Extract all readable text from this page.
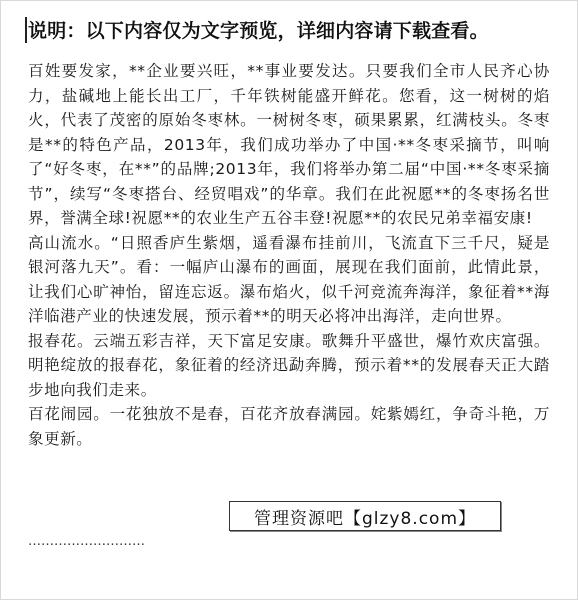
说明：以下内容仅为文字预览，详细内容请下载查看。

百姓要发家，**企业要兴旺，**事业要发达。只要我们全市人民齐心协力，盐碱地上能长出工厂，千年铁树能盛开鲜花。您看，这一树树的焰火，代表了茂密的原始冬枣林。一树树冬枣，硕果累累，红满枝头。冬枣是**的特色产品，2013年，我们成功举办了中国·**冬枣采摘节，叫响了“好冬枣，在**”的品牌;2013年，我们将举办第二届“中国·**冬枣采摘节”，续写“冬枣搭台、经贸唱戏”的华章。我们在此祝愿**的冬枣扬名世界，誉满全球!祝愿**的农业生产五谷丰登!祝愿**的农民兄弟幸福安康!

高山流水。“日照香庐生紫烟，遥看瀑布挂前川，飞流直下三千尺，疑是银河落九天”。看：一幅庐山瀑布的画面，展现在我们面前，此情此景，让我们心旷神怡，留连忘返。瀑布焰火，似千河竞流奔海洋，象征着**海洋临港产业的快速发展，预示着**的明天必将冲出海洋，走向世界。

报春花。云端五彩吉祥，天下富足安康。歌舞升平盛世，爆竹欢庆富强。明艳绽放的报春花，象征着的经济迅勐奔腾，预示着**的发展春天正大踏步地向我们走来。

百花闹园。一花独放不是春，百花齐放春满园。姹紫嫣红，争奇斗艳，万象更新。

管理资源吧【glzy8.com】
………………………
